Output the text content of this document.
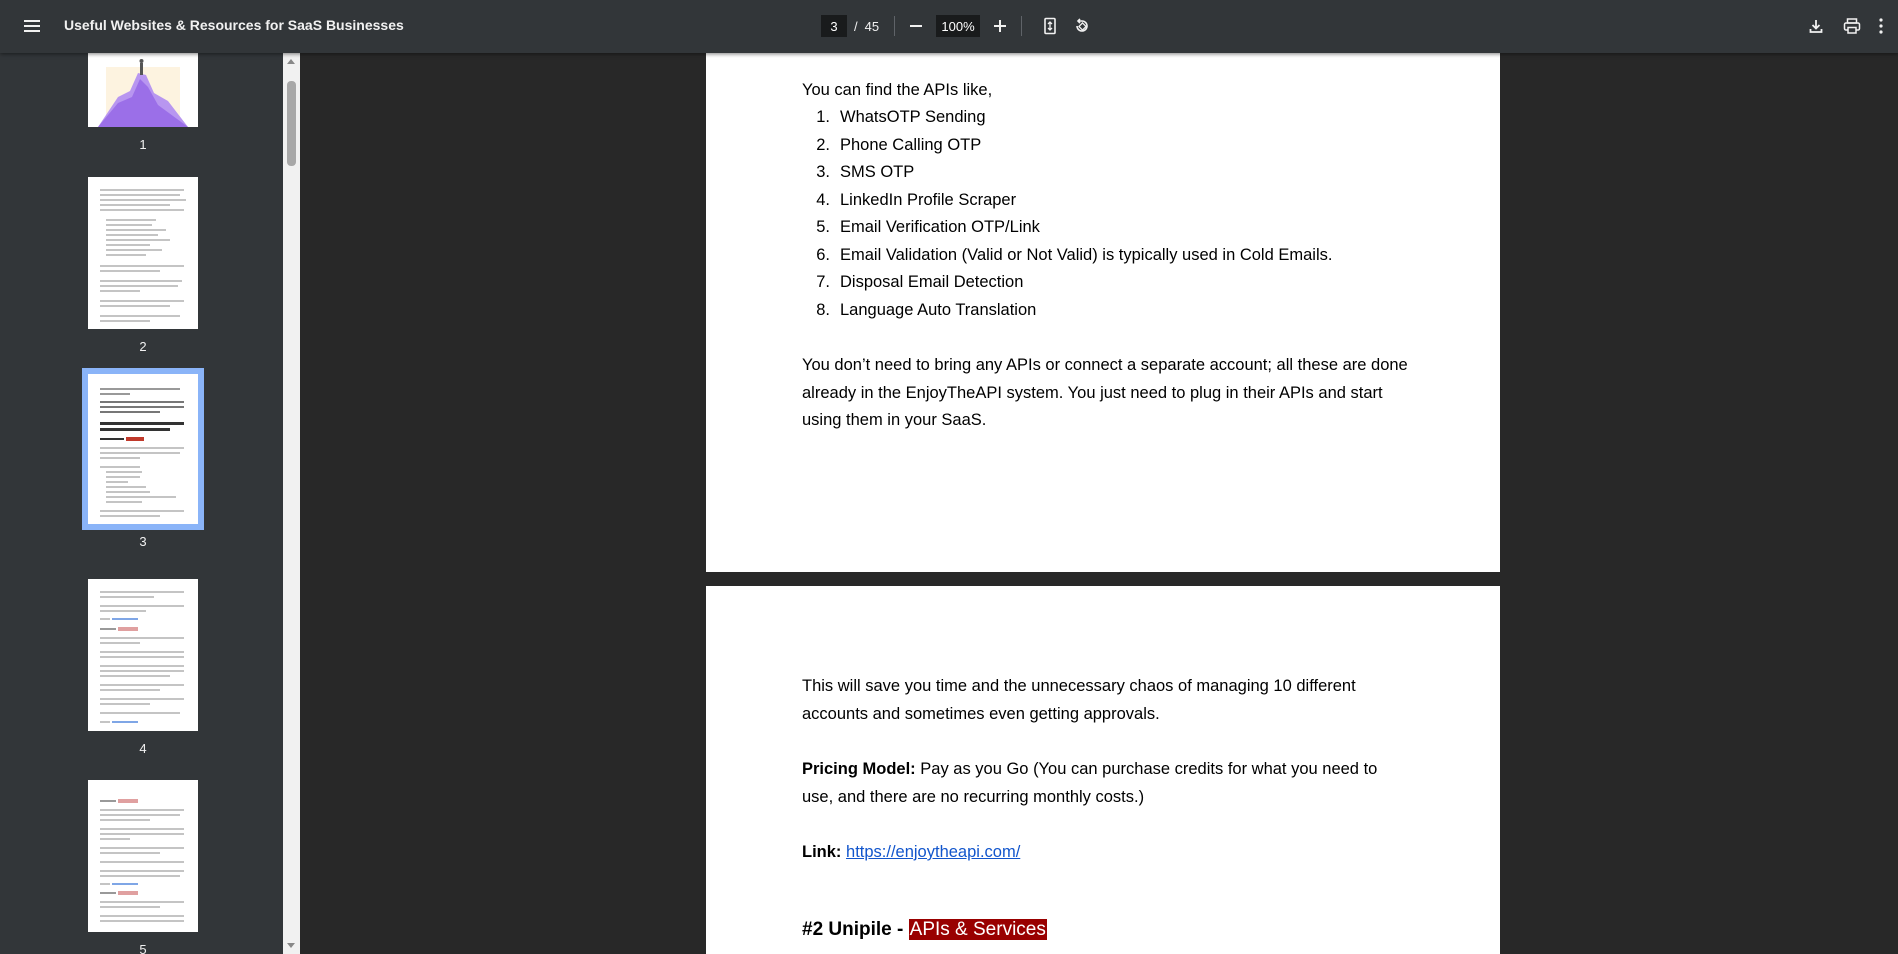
Useful Websites & Resources for SaaS Businesses
3	/ 45
100%
1
2
3
4
5
You can find the APIs like,
1. WhatsOTP Sending
2. Phone Calling OTP
3. SMS OTP
4. LinkedIn Profile Scraper
5. Email Verification OTP/Link
6. Email Validation (Valid or Not Valid) is typically used in Cold Emails.
7. Disposal Email Detection
8. Language Auto Translation
You don’t need to bring any APIs or connect a separate account; all these are done already in the EnjoyTheAPI system. You just need to plug in their APIs and start using them in your SaaS.
This will save you time and the unnecessary chaos of managing 10 different accounts and sometimes even getting approvals.
Pricing Model: Pay as you Go (You can purchase credits for what you need to use, and there are no recurring monthly costs.)
Link: https://enjoytheapi.com/
#2 Unipile - APIs & Services
